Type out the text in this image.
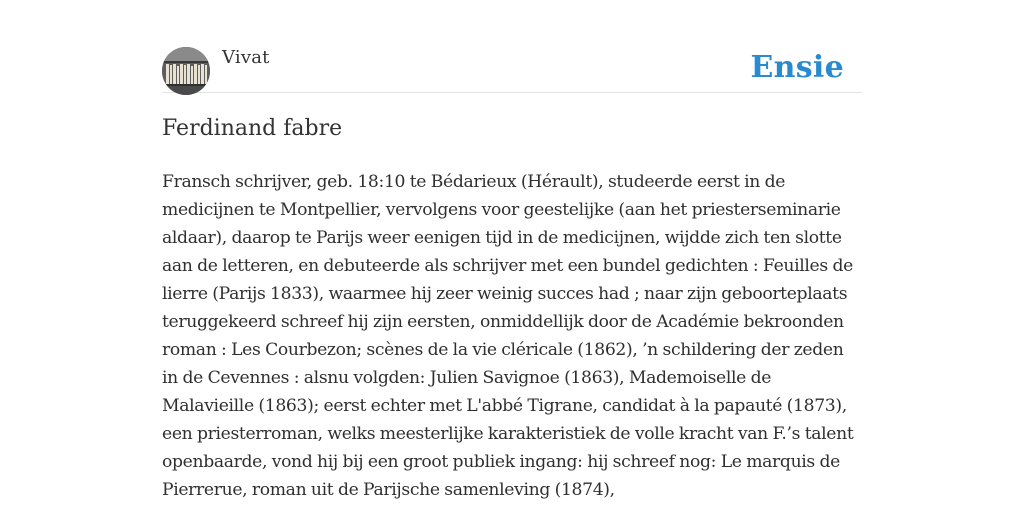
Vivat	Ensie
Ferdinand fabre

Fransch schrijver, geb. 18:10 te Bédarieux (Hérault), studeerde eerst in de medicijnen te Montpellier, vervolgens voor geestelijke (aan het priesterseminarie aldaar), daarop te Parijs weer eenigen tijd in de medicijnen, wijdde zich ten slotte aan de letteren, en debuteerde als schrijver met een bundel gedichten : Feuilles de lierre (Parijs 1833), waarmee hij zeer weinig succes had ; naar zijn geboorteplaats teruggekeerd schreef hij zijn eersten, onmiddellijk door de Académie bekroonden roman : Les Courbezon; scènes de la vie cléricale (1862), ’n schildering der zeden in de Cevennes : alsnu volgden: Julien Savignoe (1863), Mademoiselle de Malavieille (1863); eerst echter met L'abbé Tigrane, candidat à la papauté (1873), een priesterroman, welks meesterlijke karakteristiek de volle kracht van F.’s talent openbaarde, vond hij bij een groot publiek ingang: hij schreef nog: Le marquis de Pierrerue, roman uit de Parijsche samenleving (1874),
